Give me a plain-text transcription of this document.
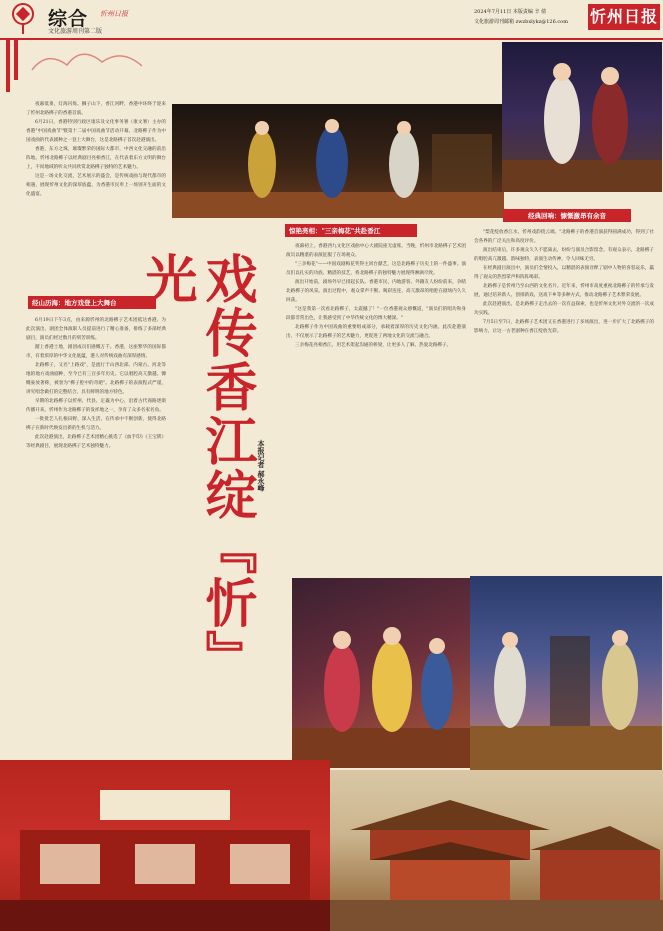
综合 忻州日报
文化旅游周刊第二版
2024年7月11日 本版责编 辛 倩
文化旅游周刊邮箱 zwzbxlykz@126.com 忻州日报

夜幕低垂，灯海闪烁。狮子山下，香江河畔，香港中环终于迎来了忻州北路梆子的香港首演。

6月21日，香港特别行政区康乐及文化事务署（康文署）主办的香港"中国戏曲节"暨第十二届中国戏曲节活动开幕，北路梆子作为中国戏曲的代表剧种之一登上大舞台，这是北路梆子首次赴港演出。

香港，东方之珠，璀璨繁荣的国际大都市，中西文化交融的前沿阵地。忻州北路梆子以经典剧目亮相香江，在代表着东方文明的舞台上，不同地域的听众共同欣赏北路梆子独特的艺术魅力。

这是一场文化交流，艺术展示的盛会，是传统戏曲与现代都市的相遇，展现忻州文化的深厚底蕴，为香港市民奉上一场别开生面的文化盛宴。

经山历海：地方戏登上大舞台

6月19日下午3点，由来源忻州的北路梆子艺术团抵达香港。为此次演出，剧团全体演职人员提前进行了精心准备，排练了多部经典剧目，演员们经过数月的刻苦训练。

踏上香港土地，剧团成员们感慨万千。香港，这座繁华的国际都市，有着浓厚的中华文化底蕴，港人对传统戏曲有深厚感情。

北路梆子，又名"上路戏"，是流行于山西北部、内蒙古、河北等地的地方戏曲剧种，至今已有三百多年历史。它以唱腔高亢激越、慷慨豪放著称，被誉为"梆子腔中的奇葩"。北路梆子的表演程式严谨，讲究唱念做打的完整结合，具有鲜明的地方特色。

早期的北路梆子以忻州、代县、定襄为中心，沿着古代商路逐渐传播开来。忻州作为北路梆子的发祥地之一，孕育了众多名家名角。

一批批艺人扎根田野、深入生活，在传承中不断创新，使得北路梆子在新时代焕发出新的生机与活力。

此次赴港演出，北路梆子艺术团精心挑选了《血手印》《王宝钏》等经典剧目，展现北路梆子艺术独特魅力。

经典回响：慷慨激昂有余音
惊艳亮相："三亲梅花"共赴香江
戏传香江绽『忻』光
本报记者 郝永峰

夜幕初上，香港西九文化区戏曲中心大剧院座无虚席。当晚，忻州市北路梆子艺术团演员以精湛的表演征服了在场观众。

"三亲梅花"——中国戏剧梅花奖得主同台献艺，这是北路梆子历史上的一件盛事。演员们以扎实的功底、精湛的技艺，将北路梆子的独特魅力展现得淋漓尽致。

演出开始前，剧场外早已排起长队。香港市民、内地游客、外籍友人纷纷前来，争睹北路梆子的风采。演出过程中，观众掌声不断、喝彩连连，高亢激昂的唱腔在剧场内久久回荡。

"这是我第一次看北路梆子，太震撼了！"一位香港观众感慨道，"演员们的唱功和身段都非常出色，让我感受到了中华传统文化的博大精深。"

北路梆子作为中国戏曲的重要组成部分，承载着深厚的历史文化内涵。此次赴港演出，不仅展示了北路梆子的艺术魅力，更促进了两地文化的交流与融合。

三亲梅花亮相香江，用艺术架起沟通的桥梁，让更多人了解、热爱北路梆子。

"梨花绽放香江水，忻州戏韵绕云端。"北路梆子的香港首演获得圆满成功，得到了社会各界的广泛关注和高度评价。

演出结束后，许多观众久久不愿离去，纷纷与演员合影留念。有观众表示，北路梆子的唱腔高亢激越、韵味独特，表演生动传神，令人回味无穷。

在经典剧目演出中，演员们全情投入，以精湛的表演诠释了剧中人物的喜怒哀乐，赢得了观众的热烈掌声和阵阵喝彩。

北路梆子是忻州乃至山西的文化名片。近年来，忻州市高度重视北路梆子的传承与发展，通过培养新人、创排新戏、送戏下乡等多种方式，推动北路梆子艺术繁荣发展。

此次赴港演出，是北路梆子走出去的一次有益探索，也是忻州文化对外交流的一次成功实践。

7月5日至7日，北路梆子艺术团又在香港进行了多场演出，进一步扩大了北路梆子的影响力，让这一古老剧种在香江绽放光彩。
